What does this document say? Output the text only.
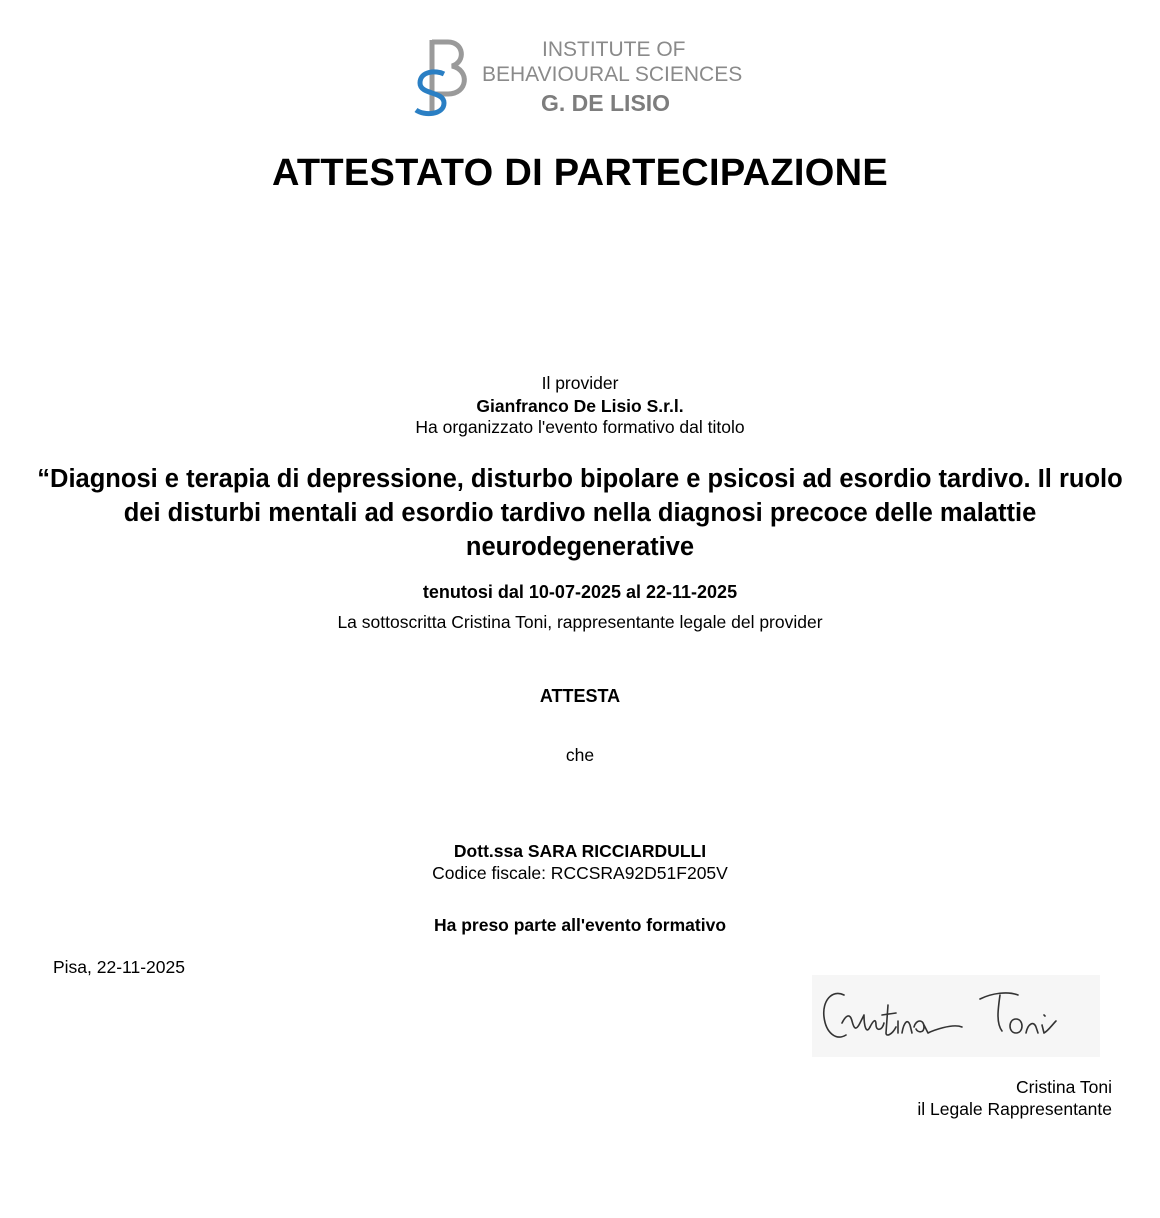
INSTITUTE OF
BEHAVIOURAL SCIENCES
G. DE LISIO
ATTESTATO DI PARTECIPAZIONE
Il provider
Gianfranco De Lisio S.r.l.
Ha organizzato l'evento formativo dal titolo
“Diagnosi e terapia di depressione, disturbo bipolare e psicosi ad esordio tardivo. Il ruolo dei disturbi mentali ad esordio tardivo nella diagnosi precoce delle malattie neurodegenerative
tenutosi dal 10-07-2025 al 22-11-2025
La sottoscritta Cristina Toni, rappresentante legale del provider
ATTESTA
che
Dott.ssa SARA RICCIARDULLI
Codice fiscale: RCCSRA92D51F205V
Ha preso parte all'evento formativo
Pisa, 22-11-2025
Cristina Toni
il Legale Rappresentante
